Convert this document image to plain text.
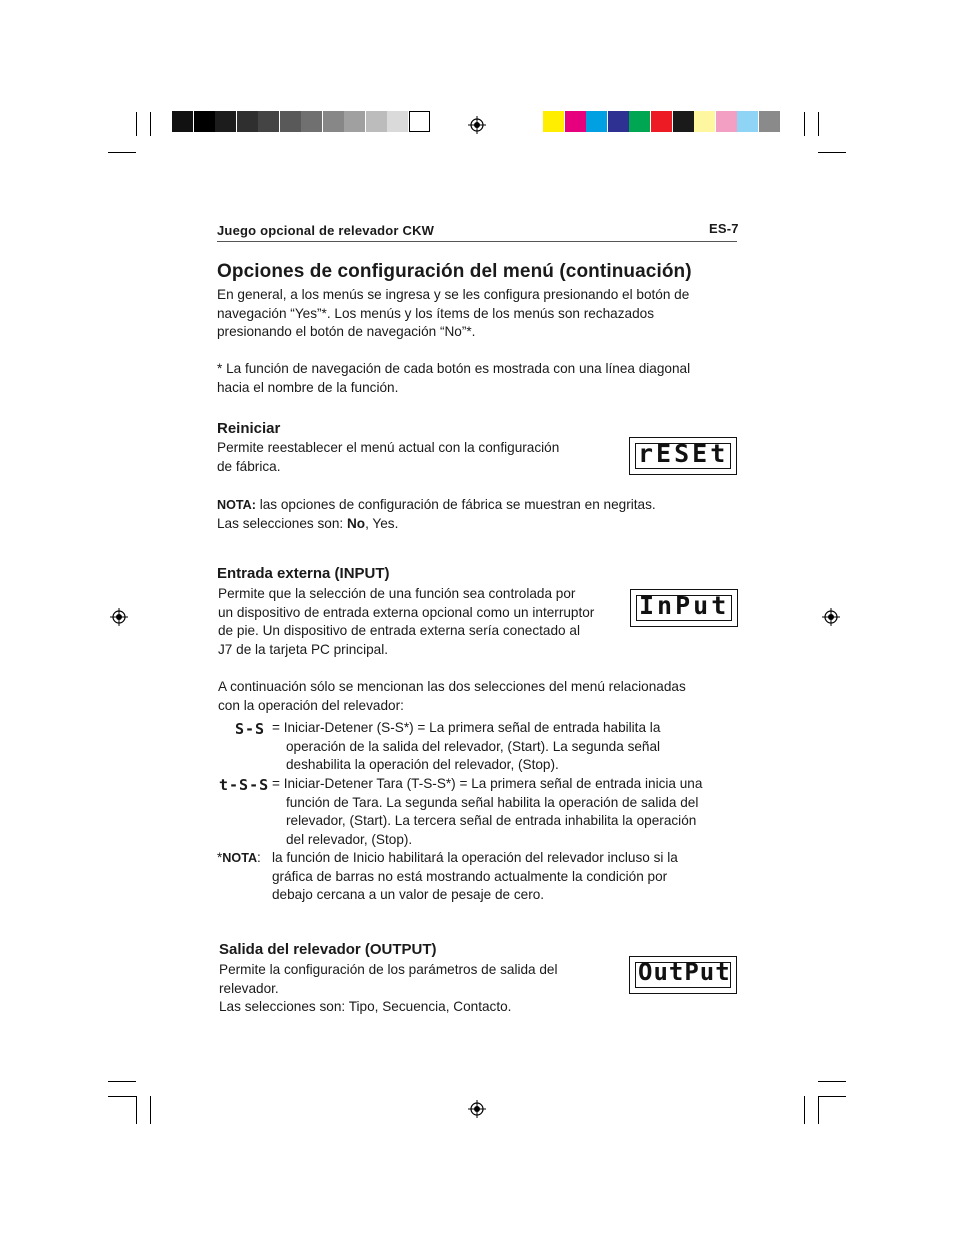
Juego opcional de relevador CKW	ES-7
Opciones de configuración del menú (continuación)
En general, a los menús se ingresa y se les configura presionando el botón de
navegación “Yes”*. Los menús y los ítems de los menús son rechazados
presionando el botón de navegación “No”*.
* La función de navegación de cada botón es mostrada con una línea diagonal
hacia el nombre de la función.
Reiniciar
Permite reestablecer el menú actual con la configuración
de fábrica.	rESEt
NOTA: las opciones de configuración de fábrica se muestran en negritas.
Las selecciones son: No, Yes.
Entrada externa (INPUT)
Permite que la selección de una función sea controlada por
un dispositivo de entrada externa opcional como un interruptor
de pie. Un dispositivo de entrada externa sería conectado al
J7 de la tarjeta PC principal.
InPut
A continuación sólo se mencionan las dos selecciones del menú relacionadas
con la operación del relevador:
S-S = Iniciar-Detener (S-S*) = La primera señal de entrada habilita la
operación de la salida del relevador, (Start). La segunda señal
deshabilita la operación del relevador, (Stop).
t-S-S = Iniciar-Detener Tara (T-S-S*) = La primera señal de entrada inicia una
función de Tara. La segunda señal habilita la operación de salida del
relevador, (Start). La tercera señal de entrada inhabilita la operación
del relevador, (Stop).
*NOTA: la función de Inicio habilitará la operación del relevador incluso si la
gráfica de barras no está mostrando actualmente la condición por
debajo cercana a un valor de pesaje de cero.
Salida del relevador (OUTPUT)
Permite la configuración de los parámetros de salida del
relevador.
Las selecciones son: Tipo, Secuencia, Contacto.
OutPut
